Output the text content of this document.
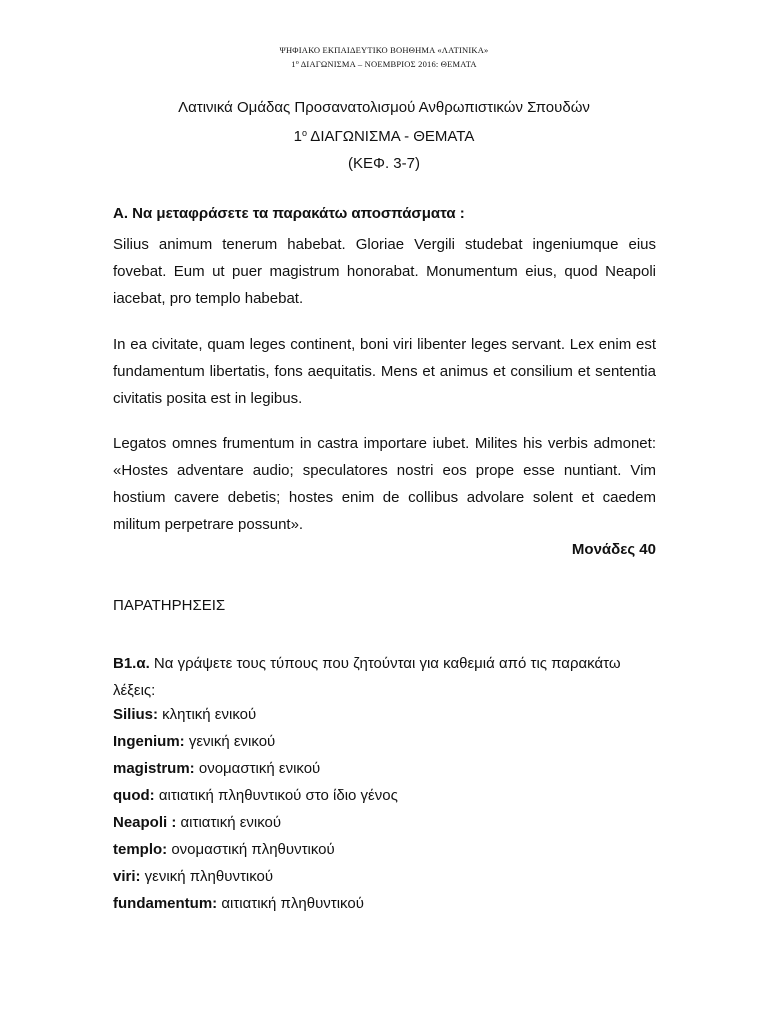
ΨΗΦΙΑΚΟ ΕΚΠΑΙΔΕΥΤΙΚΟ ΒΟΗΘΗΜΑ «ΛΑΤΙΝΙΚΑ»
$1^o$ ΔΙΑΓΩΝΙΣΜΑ – ΝΟΕΜΒΡΙΟΣ 2016: ΘΕΜΑΤΑ
Λατινικά Ομάδας Προσανατολισμού Ανθρωπιστικών Σπουδών
$1^o$ ΔΙΑΓΩΝΙΣΜΑ - ΘΕΜΑΤΑ
(ΚΕΦ. 3-7)
Α. Να μεταφράσετε τα παρακάτω αποσπάσματα :
Silius animum tenerum habebat. Gloriae Vergili studebat ingeniumque eius fovebat. Eum ut puer magistrum honorabat. Monumentum eius, quod Neapoli iacebat, pro templo habebat.
In ea civitate, quam leges continent, boni viri libenter leges servant. Lex enim est fundamentum libertatis, fons aequitatis. Mens et animus et consilium et sententia civitatis posita est in legibus.
Legatos omnes frumentum in castra importare iubet. Milites his verbis admonet: «Hostes adventare audio; speculatores nostri eos prope esse nuntiant. Vim hostium cavere debetis; hostes enim de collibus advolare solent et caedem militum perpetrare possunt».
Μονάδες 40
ΠΑΡΑΤΗΡΗΣΕΙΣ
Β1.α. Να γράψετε τους τύπους που ζητούνται για καθεμιά από τις παρακάτω λέξεις:
Silius: κλητική ενικού
Ingenium: γενική ενικού
magistrum: ονομαστική ενικού
quod: αιτιατική πληθυντικού στο ίδιο γένος
Neapoli : αιτιατική ενικού
templo: ονομαστική πληθυντικού
viri: γενική πληθυντικού
fundamentum: αιτιατική πληθυντικού
